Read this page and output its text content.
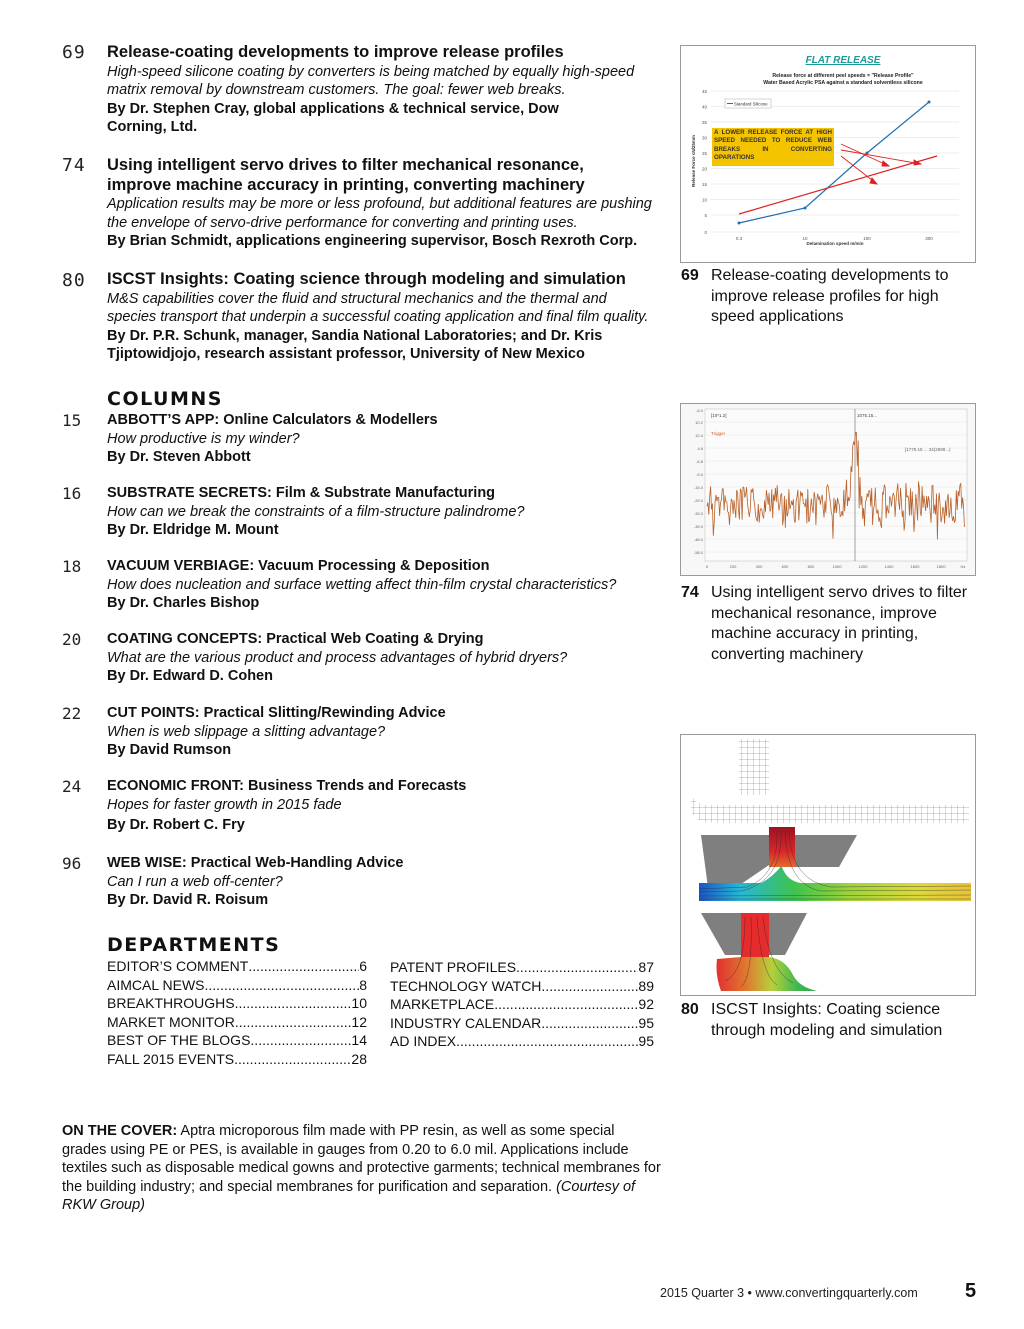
69 Release-coating developments to improve release profiles
High-speed silicone coating by converters is being matched by equally high-speed matrix removal by downstream customers. The goal: fewer web breaks.
By Dr. Stephen Cray, global applications & technical service, Dow Corning, Ltd.
74 Using intelligent servo drives to filter mechanical resonance, improve machine accuracy in printing, converting machinery
Application results may be more or less profound, but additional features are pushing the envelope of servo-drive performance for converting and printing uses.
By Brian Schmidt, applications engineering supervisor, Bosch Rexroth Corp.
80 ISCST Insights: Coating science through modeling and simulation
M&S capabilities cover the fluid and structural mechanics and the thermal and species transport that underpin a successful coating application and final film quality. By Dr. P.R. Schunk, manager, Sandia National Laboratories; and Dr. Kris Tjiptowidjojo, research assistant professor, University of New Mexico
COLUMNS
15 ABBOTT’S APP: Online Calculators & Modellers
How productive is my winder?
By Dr. Steven Abbott
16 SUBSTRATE SECRETS: Film & Substrate Manufacturing
How can we break the constraints of a film-structure palindrome?
By Dr. Eldridge M. Mount
18 VACUUM VERBIAGE: Vacuum Processing & Deposition
How does nucleation and surface wetting affect thin-film crystal characteristics?
By Dr. Charles Bishop
20 COATING CONCEPTS: Practical Web Coating & Drying
What are the various product and process advantages of hybrid dryers?
By Dr. Edward D. Cohen
22 CUT POINTS: Practical Slitting/Rewinding Advice
When is web slippage a slitting advantage?
By David Rumson
24 ECONOMIC FRONT: Business Trends and Forecasts
Hopes for faster growth in 2015 fade
By Dr. Robert C. Fry
96 WEB WISE: Practical Web-Handling Advice
Can I run a web off-center?
By Dr. David R. Roisum
DEPARTMENTS
EDITOR’S COMMENT .....	6
AIMCAL NEWS .....	8
BREAKTHROUGHS .....	10
MARKET MONITOR .....	12
BEST OF THE BLOGS .....	14
FALL 2015 EVENTS .....	28
PATENT PROFILES .....	87
TECHNOLOGY WATCH .....	89
MARKETPLACE .....	92
INDUSTRY CALENDAR .....	95
AD INDEX .....	95
ON THE COVER: Aptra microporous film made with PP resin, as well as some special grades using PE or PES, is available in gauges from 0.20 to 6.0 mil. Applications include textiles such as disposable medical gowns and protective garments; technical membranes for the building industry; and special membranes for purification and separation. (Courtesy of RKW Group)
FLAT RELEASE
Release force at different peel speeds = "Release Profile"
Water Based Acrylic PSA against a standard solventless silicone
45
40
35
30
25
20
15
10
5
0
Release Force cN/25mm
0.3	10	100	300
Delamination speed m/min
Standard Silicone
A LOWER RELEASE FORCE AT HIGH SPEED NEEDED TO REDUCE WEB BREAKS IN CONVERTING OPARATIONS
69 Release-coating developments to improve release profiles for high speed applications
-8.0
10.2
12.4
4.6
-6.8
-9.0
-15.0
-29.0
-33.0
-39.0
-48.0
-58.0
0	200	400	600	800	1000	1200	1400	1600	1800	Hz
[10*1.2]
Trigger
1075.15...
[1779.15 ... 34(2898...)
74 Using intelligent servo drives to filter mechanical resonance, improve machine accuracy in printing, converting machinery
80 ISCST Insights: Coating science through modeling and simulation
2015 Quarter 3 • www.convertingquarterly.com 5
